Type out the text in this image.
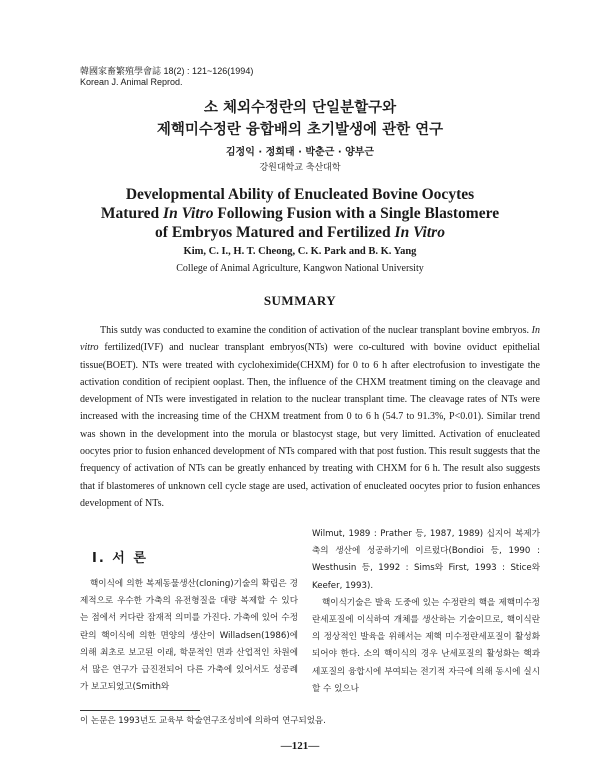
韓國家畜繁殖學會誌 18(2) : 121~126(1994)
Korean J. Animal Reprod.
소 체외수정란의 단일분할구와
제핵미수정란 융합배의 초기발생에 관한 연구
김정익 · 정희태 · 박춘근 · 양부근
강원대학교 축산대학
Developmental Ability of Enucleated Bovine Oocytes
Matured In Vitro Following Fusion with a Single Blastomere
of Embryos Matured and Fertilized In Vitro
Kim, C. I., H. T. Cheong, C. K. Park and B. K. Yang
College of Animal Agriculture, Kangwon National University
SUMMARY
This sutdy was conducted to examine the condition of activation of the nuclear transplant bovine embryos. In vitro fertilized(IVF) and nuclear transplant embryos(NTs) were co-cultured with bovine oviduct epithelial tissue(BOET). NTs were treated with cycloheximide(CHXM) for 0 to 6 h after electrofusion to investigate the activation condition of recipient ooplast. Then, the influence of the CHXM treatment timing on the cleavage and development of NTs were investigated in relation to the nuclear transplant time. The cleavage rates of NTs were increased with the increasing time of the CHXM treatment from 0 to 6 h (54.7 to 91.3%, P<0.01). Similar trend was shown in the development into the morula or blastocyst stage, but very limitted. Activation of enucleated oocytes prior to fusion enhanced development of NTs compared with that post fustion. This result suggests that the frequency of activation of NTs can be greatly enhanced by treating with CHXM for 6 h. The result also suggests that if blastomeres of unknown cell cycle stage are used, activation of enucleated oocytes prior to fusion enhances development of NTs.
Ⅰ. 서 론

핵이식에 의한 복제동물생산(cloning)기술의 확립은 경제적으로 우수한 가축의 유전형질을 대량 복제할 수 있다는 점에서 커다란 잠재적 의미를 가진다. 가축에 있어 수정란의 핵이식에 의한 면양의 생산이 Willadsen(1986)에 의해 최초로 보고된 이래, 학문적인 면과 산업적인 차원에서 많은 연구가 급진전되어 다른 가축에 있어서도 성공례가 보고되었고(Smith와

Wilmut, 1989 : Prather 등, 1987, 1989) 십지어 복제가축의 생산에 성공하기에 이르렀다(Bondioi 등, 1990 : Westhusin 등, 1992 : Sims와 First, 1993 : Stice와 Keefer, 1993).

핵이식기술은 발육 도중에 있는 수정란의 핵을 제핵미수정란세포질에 이식하여 개체를 생산하는 기술이므로, 핵이식란의 정상적인 발육을 위해서는 제핵 미수정란세포질이 활성화 되어야 한다. 소의 핵이식의 경우 난세포질의 활성화는 핵과 세포질의 융합시에 부여되는 전기적 자극에 의해 동시에 실시할 수 있으나

이 논문은 1993년도 교육부 학술연구조성비에 의하여 연구되었음.
—121—
